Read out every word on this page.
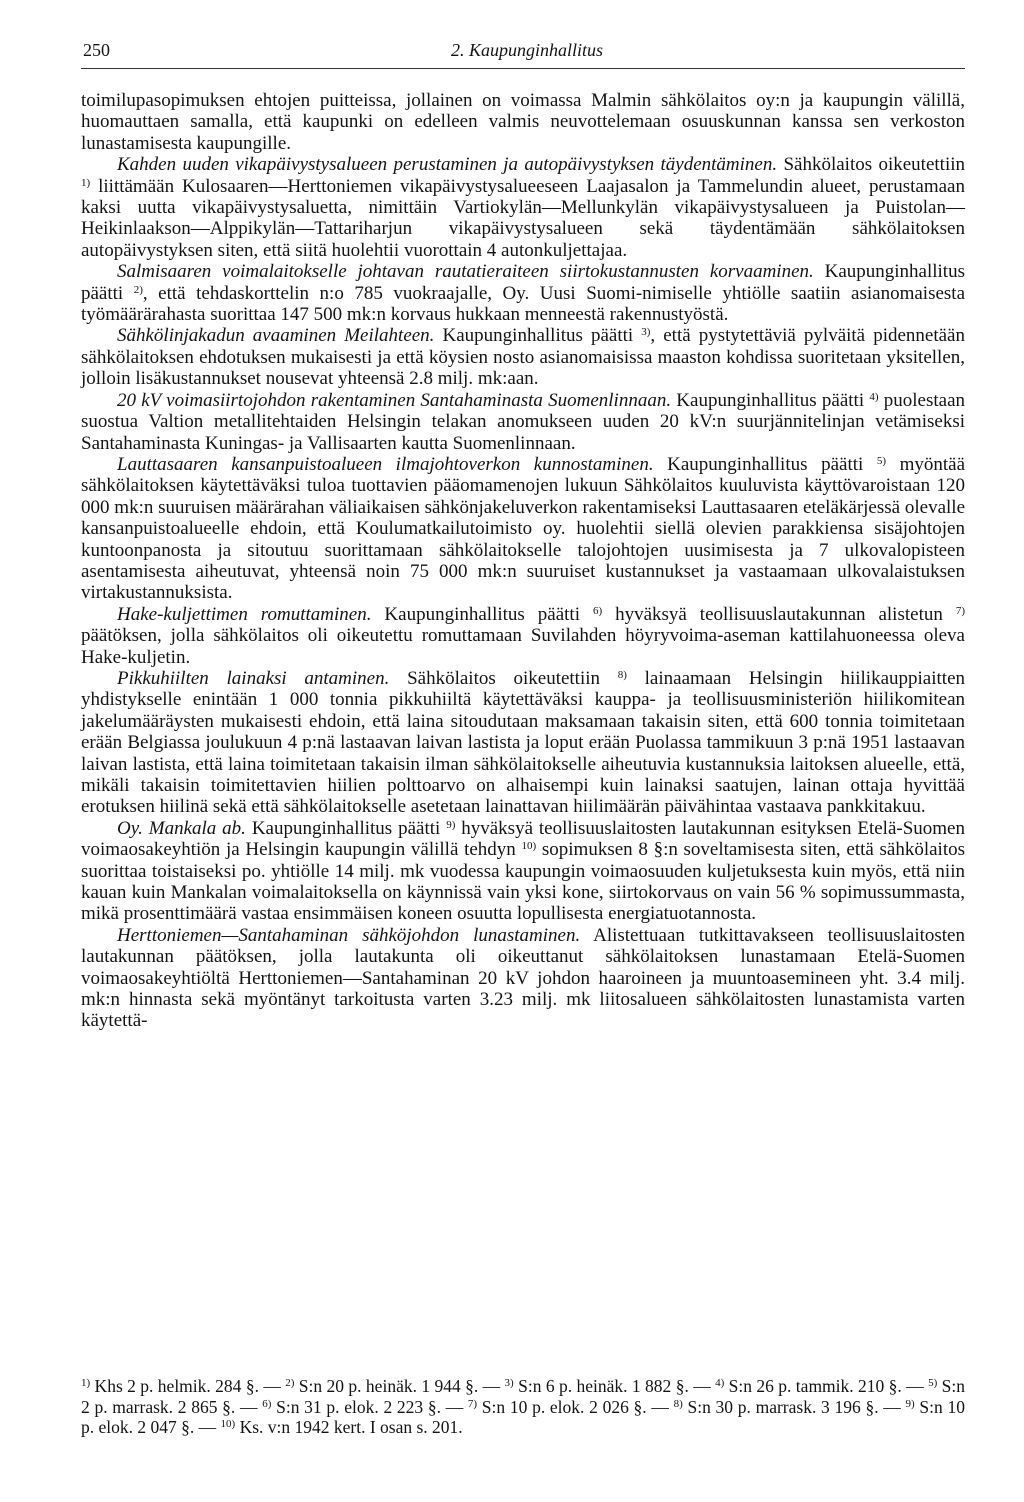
250	2. Kaupunginhallitus

toimilupasopimuksen ehtojen puitteissa, jollainen on voimassa Malmin sähkölaitos oy:n ja kaupungin välillä, huomauttaen samalla, että kaupunki on edelleen valmis neuvottelemaan osuuskunnan kanssa sen verkoston lunastamisesta kaupungille.

Kahden uuden vikapäivystysalueen perustaminen ja autopäivystyksen täydentäminen. Sähkölaitos oikeutettiin $^{1)}$ liittämään Kulosaaren—Herttoniemen vikapäivystysalueeseen Laajasalon ja Tammelundin alueet, perustamaan kaksi uutta vikapäivystysaluetta, nimittäin Vartiokylän—Mellunkylän vikapäivystysalueen ja Puistolan—Heikinlaakson—Alppikylän—Tattariharjun vikapäivystysalueen sekä täydentämään sähkölaitoksen autopäivystyksen siten, että siitä huolehtii vuorottain 4 autonkuljettajaa.

Salmisaaren voimalaitokselle johtavan rautatieraiteen siirtokustannusten korvaaminen. Kaupunginhallitus päätti $^{2)}$, että tehdaskorttelin n:o 785 vuokraajalle, Oy. Uusi Suomi-nimiselle yhtiölle saatiin asianomaisesta työmäärärahasta suorittaa 147 500 mk:n korvaus hukkaan menneestä rakennustyöstä.

Sähkölinjakadun avaaminen Meilahteen. Kaupunginhallitus päätti $^{3)}$, että pystytettäviä pylväitä pidennetään sähkölaitoksen ehdotuksen mukaisesti ja että köysien nosto asianomaisissa maaston kohdissa suoritetaan yksitellen, jolloin lisäkustannukset nousevat yhteensä 2.8 milj. mk:aan.

20 kV voimasiirtojohdon rakentaminen Santahaminasta Suomenlinnaan. Kaupunginhallitus päätti $^{4)}$ puolestaan suostua Valtion metallitehtaiden Helsingin telakan anomukseen uuden 20 kV:n suurjännitelinjan vetämiseksi Santahaminasta Kuningas- ja Vallisaarten kautta Suomenlinnaan.

Lauttasaaren kansanpuistoalueen ilmajohtoverkon kunnostaminen. Kaupunginhallitus päätti $^{5)}$ myöntää sähkölaitoksen käytettäväksi tuloa tuottavien pääomamenojen lukuun Sähkölaitos kuuluvista käyttövaroistaan 120 000 mk:n suuruisen määrärahan väliaikaisen sähkönjakeluverkon rakentamiseksi Lauttasaaren eteläkärjessä olevalle kansanpuistoalueelle ehdoin, että Koulumatkailutoimisto oy. huolehtii siellä olevien parakkiensa sisäjohtojen kuntoonpanosta ja sitoutuu suorittamaan sähkölaitokselle talojohtojen uusimisesta ja 7 ulkovalopisteen asentamisesta aiheutuvat, yhteensä noin 75 000 mk:n suuruiset kustannukset ja vastaamaan ulkovalaistuksen virtakustannuksista.

Hake-kuljettimen romuttaminen. Kaupunginhallitus päätti $^{6)}$ hyväksyä teollisuuslautakunnan alistetun $^{7)}$ päätöksen, jolla sähkölaitos oli oikeutettu romuttamaan Suvilahden höyryvoima-aseman kattilahuoneessa oleva Hake-kuljetin.

Pikkuhiilten lainaksi antaminen. Sähkölaitos oikeutettiin $^{8)}$ lainaamaan Helsingin hiilikauppiaitten yhdistykselle enintään 1 000 tonnia pikkuhiiltä käytettäväksi kauppa- ja teollisuusministeriön hiilikomitean jakelumääräysten mukaisesti ehdoin, että laina sitoudutaan maksamaan takaisin siten, että 600 tonnia toimitetaan erään Belgiassa joulukuun 4 p:nä lastaavan laivan lastista ja loput erään Puolassa tammikuun 3 p:nä 1951 lastaavan laivan lastista, että laina toimitetaan takaisin ilman sähkölaitokselle aiheutuvia kustannuksia laitoksen alueelle, että, mikäli takaisin toimitettavien hiilien polttoarvo on alhaisempi kuin lainaksi saatujen, lainan ottaja hyvittää erotuksen hiilinä sekä että sähkölaitokselle asetetaan lainattavan hiilimäärän päivähintaa vastaava pankkitakuu.

Oy. Mankala ab. Kaupunginhallitus päätti $^{9)}$ hyväksyä teollisuuslaitosten lautakunnan esityksen Etelä-Suomen voimaosakeyhtiön ja Helsingin kaupungin välillä tehdyn $^{10)}$ sopimuksen 8 §:n soveltamisesta siten, että sähkölaitos suorittaa toistaiseksi po. yhtiölle 14 milj. mk vuodessa kaupungin voimaosuuden kuljetuksesta kuin myös, että niin kauan kuin Mankalan voimalaitoksella on käynnissä vain yksi kone, siirtokorvaus on vain 56 % sopimussummasta, mikä prosenttimäärä vastaa ensimmäisen koneen osuutta lopullisesta energiatuotannosta.

Herttoniemen—Santahaminan sähköjohdon lunastaminen. Alistettuaan tutkittavakseen teollisuuslaitosten lautakunnan päätöksen, jolla lautakunta oli oikeuttanut sähkölaitoksen lunastamaan Etelä-Suomen voimaosakeyhtiöltä Herttoniemen—Santahaminan 20 kV johdon haaroineen ja muuntoasemineen yht. 3.4 milj. mk:n hinnasta sekä myöntänyt tarkoitusta varten 3.23 milj. mk liitosalueen sähkölaitosten lunastamista varten käytettä-

$^{1)}$ Khs 2 p. helmik. 284 §. — $^{2)}$ S:n 20 p. heinäk. 1 944 §. — $^{3)}$ S:n 6 p. heinäk. 1 882 §. — $^{4)}$ S:n 26 p. tammik. 210 §. — $^{5)}$ S:n 2 p. marrask. 2 865 §. — $^{6)}$ S:n 31 p. elok. 2 223 §. — $^{7)}$ S:n 10 p. elok. 2 026 §. — $^{8)}$ S:n 30 p. marrask. 3 196 §. — $^{9)}$ S:n 10 p. elok. 2 047 §. — $^{10)}$ Ks. v:n 1942 kert. I osan s. 201.
